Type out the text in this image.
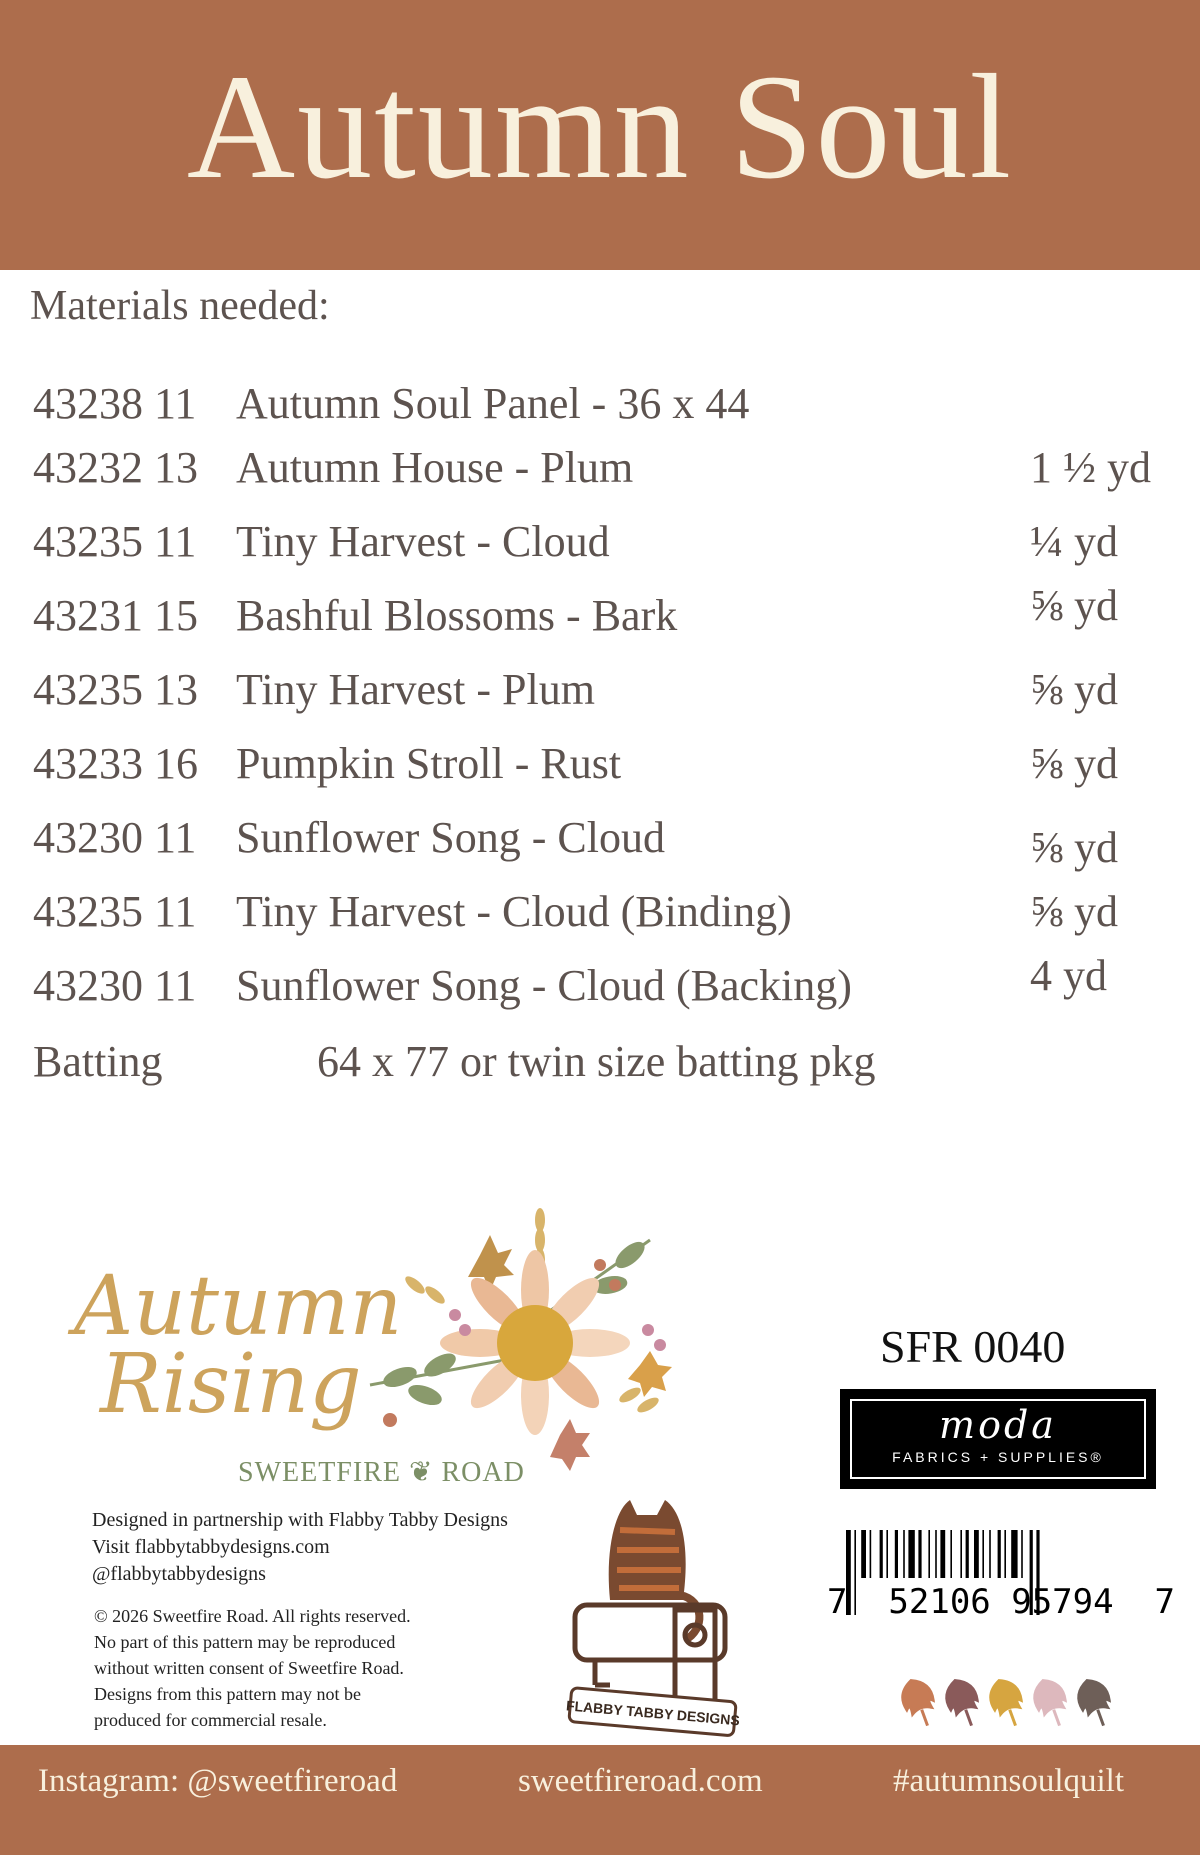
Autumn Soul
Materials needed:
43238 11 Autumn Soul Panel - 36 x 44
43232 13 Autumn House - Plum	1 ½ yd
43235 11 Tiny Harvest - Cloud	¼ yd
43231 15 Bashful Blossoms - Bark	⅝ yd
43235 13 Tiny Harvest - Plum	⅝ yd
43233 16 Pumpkin Stroll - Rust	⅝ yd
43230 11 Sunflower Song - Cloud	⅝ yd
43235 11 Tiny Harvest - Cloud (Binding)	⅝ yd
43230 11 Sunflower Song - Cloud (Backing)	4 yd
Batting	64 x 77 or twin size batting pkg
Autumn
Rising
SWEETFIRE ❦ ROAD

Designed in partnership with Flabby Tabby Designs

Visit flabbytabbydesigns.com

@flabbytabbydesigns

© 2026 Sweetfire Road. All rights reserved.
No part of this pattern may be reproduced
without written consent of Sweetfire Road.
Designs from this pattern may not be
produced for commercial resale.	FLABBY TABBY DESIGNS
SFR 0040
moda
FABRICS + SUPPLIES®
7  52106 95794  7
Instagram: @sweetfireroad	sweetfireroad.com	#autumnsoulquilt
